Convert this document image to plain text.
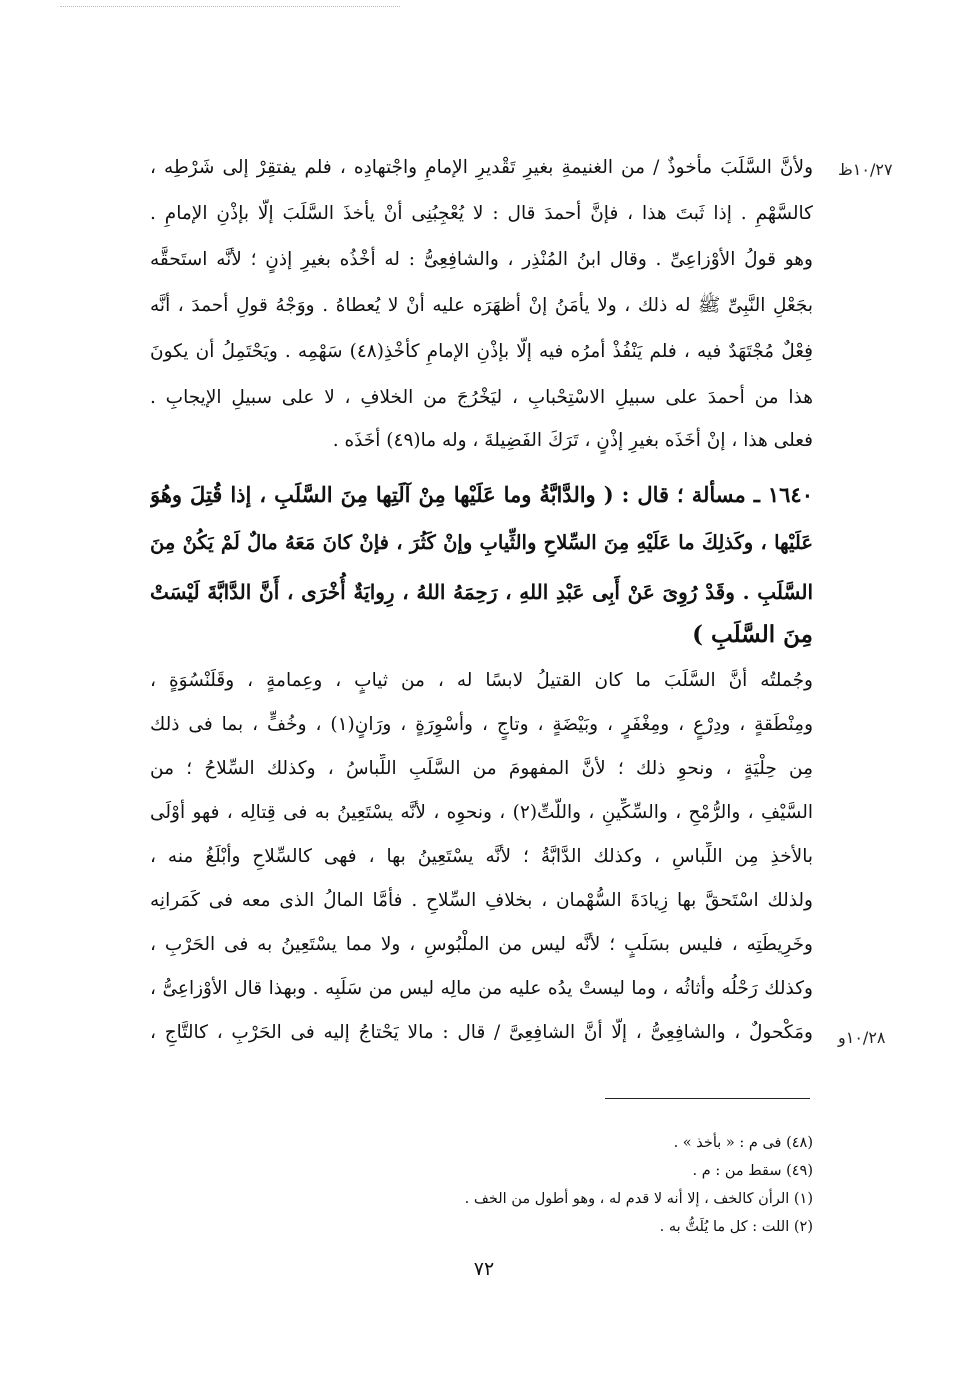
١٠/٢٧ظ
١٠/٢٨و
ولأنَّ السَّلَبَ مأْخوذٌ / من الغنيمةِ بغيرِ تَقْديرِ الإمامِ واجْتهادِه ، فلم يفتقِرْ إلى شَرْطِه ،
كالسَّهْمِ . إذا ثَبتَ هذا ، فإنَّ أحمدَ قال : لا يُعْجِبُنِى أنْ يأخذَ السَّلَبَ إلَّا بإذْنِ الإمامِ .
وهو قولُ الأوْزاعِىِّ . وقال ابنُ المُنْذِر ، والشافِعِىُّ : له أخْذُه بغيرِ إذنٍ ؛ لأنَّه استَحقَّه
بجَعْلِ النَّبِىِّ ﷺ له ذلك ، ولا يأمَنُ إنْ أظهَرَه عليه أنْ لا يُعطاهُ . ووَجْهُ قولِ أحمدَ ، أنَّه
فِعْلٌ مُجْتَهَدٌ فيه ، فلم يَنْفُذْ أمرُه فيه إلَّا بإذْنِ الإمامِ كأخْذِ(٤٨) سَهْمِه . ويَحْتَمِلُ أن يكونَ
هذا من أحمدَ على سبيلِ الاسْتِحْبابِ ، ليَخْرُجَ من الخلافِ ، لا على سبيلِ الإيجابِ .
فعلى هذا ، إنْ أخَذَه بغيرِ إذْنٍ ، تَرَكَ الفَضِيلةَ ، وله ما(٤٩) أخَذَه .
١٦٤٠ ـ مسألة ؛ قال : ( والدَّابَّةُ وما عَلَيْها مِنْ آلَتِها مِنَ السَّلَبِ ، إذا قُتِلَ وهُوَ
عَلَيْها ، وكَذلِكَ ما عَلَيْهِ مِنَ السِّلاحِ والثِّيابِ وإنْ كَثُرَ ، فإنْ كانَ مَعَهُ مالٌ لَمْ يَكُنْ مِنَ
السَّلَبِ . وقَدْ رُوِىَ عَنْ أَبِى عَبْدِ اللهِ ، رَحِمَهُ اللهُ ، رِوايَةٌ أُخْرَى ، أَنَّ الدَّابَّةَ لَيْسَتْ
مِنَ السَّلَبِ )
وجُملتُه أنَّ السَّلَبَ ما كان القتيلُ لابسًا له ، من ثيابٍ ، وعِمامةٍ ، وقَلَنْسُوَةٍ ،
ومِنْطَقةٍ ، ودِرْعٍ ، ومِغْفَرٍ ، وبَيْضَةٍ ، وتاجٍ ، وأسْوِرَةٍ ، ورَانٍ(١) ، وخُفٍّ ، بما فى ذلك
مِن حِلْيَةٍ ، ونحوِ ذلك ؛ لأنَّ المفهومَ من السَّلَبِ اللِّباسُ ، وكذلك السِّلاحُ ؛ من
السَّيْفِ ، والرُّمْحِ ، والسِّكِّينِ ، واللَّتِّ(٢) ، ونحوِه ، لأنَّه يسْتَعِينُ به فى قِتالِه ، فهو أوْلَى
بالأخذِ مِن اللِّباسِ ، وكذلك الدَّابَّةُ ؛ لأنَّه يسْتَعِينُ بها ، فهى كالسِّلاحِ وأبْلَغُ منه ،
ولذلك اسْتَحقَّ بها زِيادَةَ السُّهْمان ، بخلافِ السِّلاحِ . فأمَّا المالُ الذى معه فى كَمَرانِه
وخَرِيطَتِه ، فليس بسَلَبٍ ؛ لأنَّه ليس من الملْبُوسِ ، ولا مما يسْتَعِينُ به فى الحَرْبِ ،
وكذلك رَحْلُه وأثاثُه ، وما ليستْ يدُه عليه من مالِه ليس من سَلَبِه . وبهذا قال الأوْزاعِىُّ ،
ومَكْحولٌ ، والشافِعِىُّ ، إلَّا أنَّ الشافِعِىَّ / قال : مالا يَحْتاجُ إليه فى الحَرْبِ ، كالتَّاجِ ،
(٤٨) فى م : « بأخذ » .
(٤٩) سقط من : م .
(١) الرأن كالخف ، إلا أنه لا قدم له ، وهو أطول من الخف .
(٢) اللت : كل ما يُلَتُّ به .
٧٢
